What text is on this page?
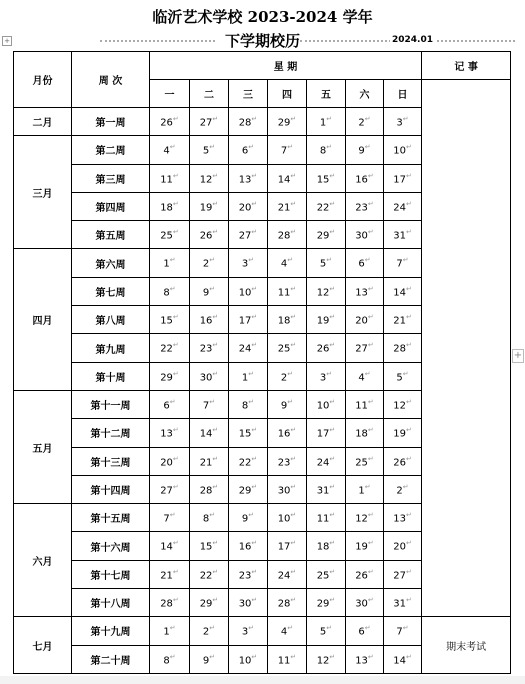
临沂艺术学校 2023-2024 学年
下学期校历	2024.01
+
+
月份	周 次	星 期							记 事
		一	二	三	四	五	六	日	
二月	第一周	26↵	27↵	28↵	29↵	1↵	2↵	3↵
三月	第二周	4↵	5↵	6↵	7↵	8↵	9↵	10↵
	第三周	11↵	12↵	13↵	14↵	15↵	16↵	17↵
	第四周	18↵	19↵	20↵	21↵	22↵	23↵	24↵
	第五周	25↵	26↵	27↵	28↵	29↵	30↵	31↵
四月	第六周	1↵	2↵	3↵	4↵	5↵	6↵	7↵
	第七周	8↵	9↵	10↵	11↵	12↵	13↵	14↵
	第八周	15↵	16↵	17↵	18↵	19↵	20↵	21↵
	第九周	22↵	23↵	24↵	25↵	26↵	27↵	28↵
	第十周	29↵	30↵	1↵	2↵	3↵	4↵	5↵
五月	第十一周	6↵	7↵	8↵	9↵	10↵	11↵	12↵
	第十二周	13↵	14↵	15↵	16↵	17↵	18↵	19↵
	第十三周	20↵	21↵	22↵	23↵	24↵	25↵	26↵
	第十四周	27↵	28↵	29↵	30↵	31↵	1↵	2↵
六月	第十五周	7↵	8↵	9↵	10↵	11↵	12↵	13↵
	第十六周	14↵	15↵	16↵	17↵	18↵	19↵	20↵
	第十七周	21↵	22↵	23↵	24↵	25↵	26↵	27↵
	第十八周	28↵	29↵	30↵	28↵	29↵	30↵	31↵
七月	第十九周	1↵	2↵	3↵	4↵	5↵	6↵	7↵	期末考试
	第二十周	8↵	9↵	10↵	11↵	12↵	13↵	14↵
